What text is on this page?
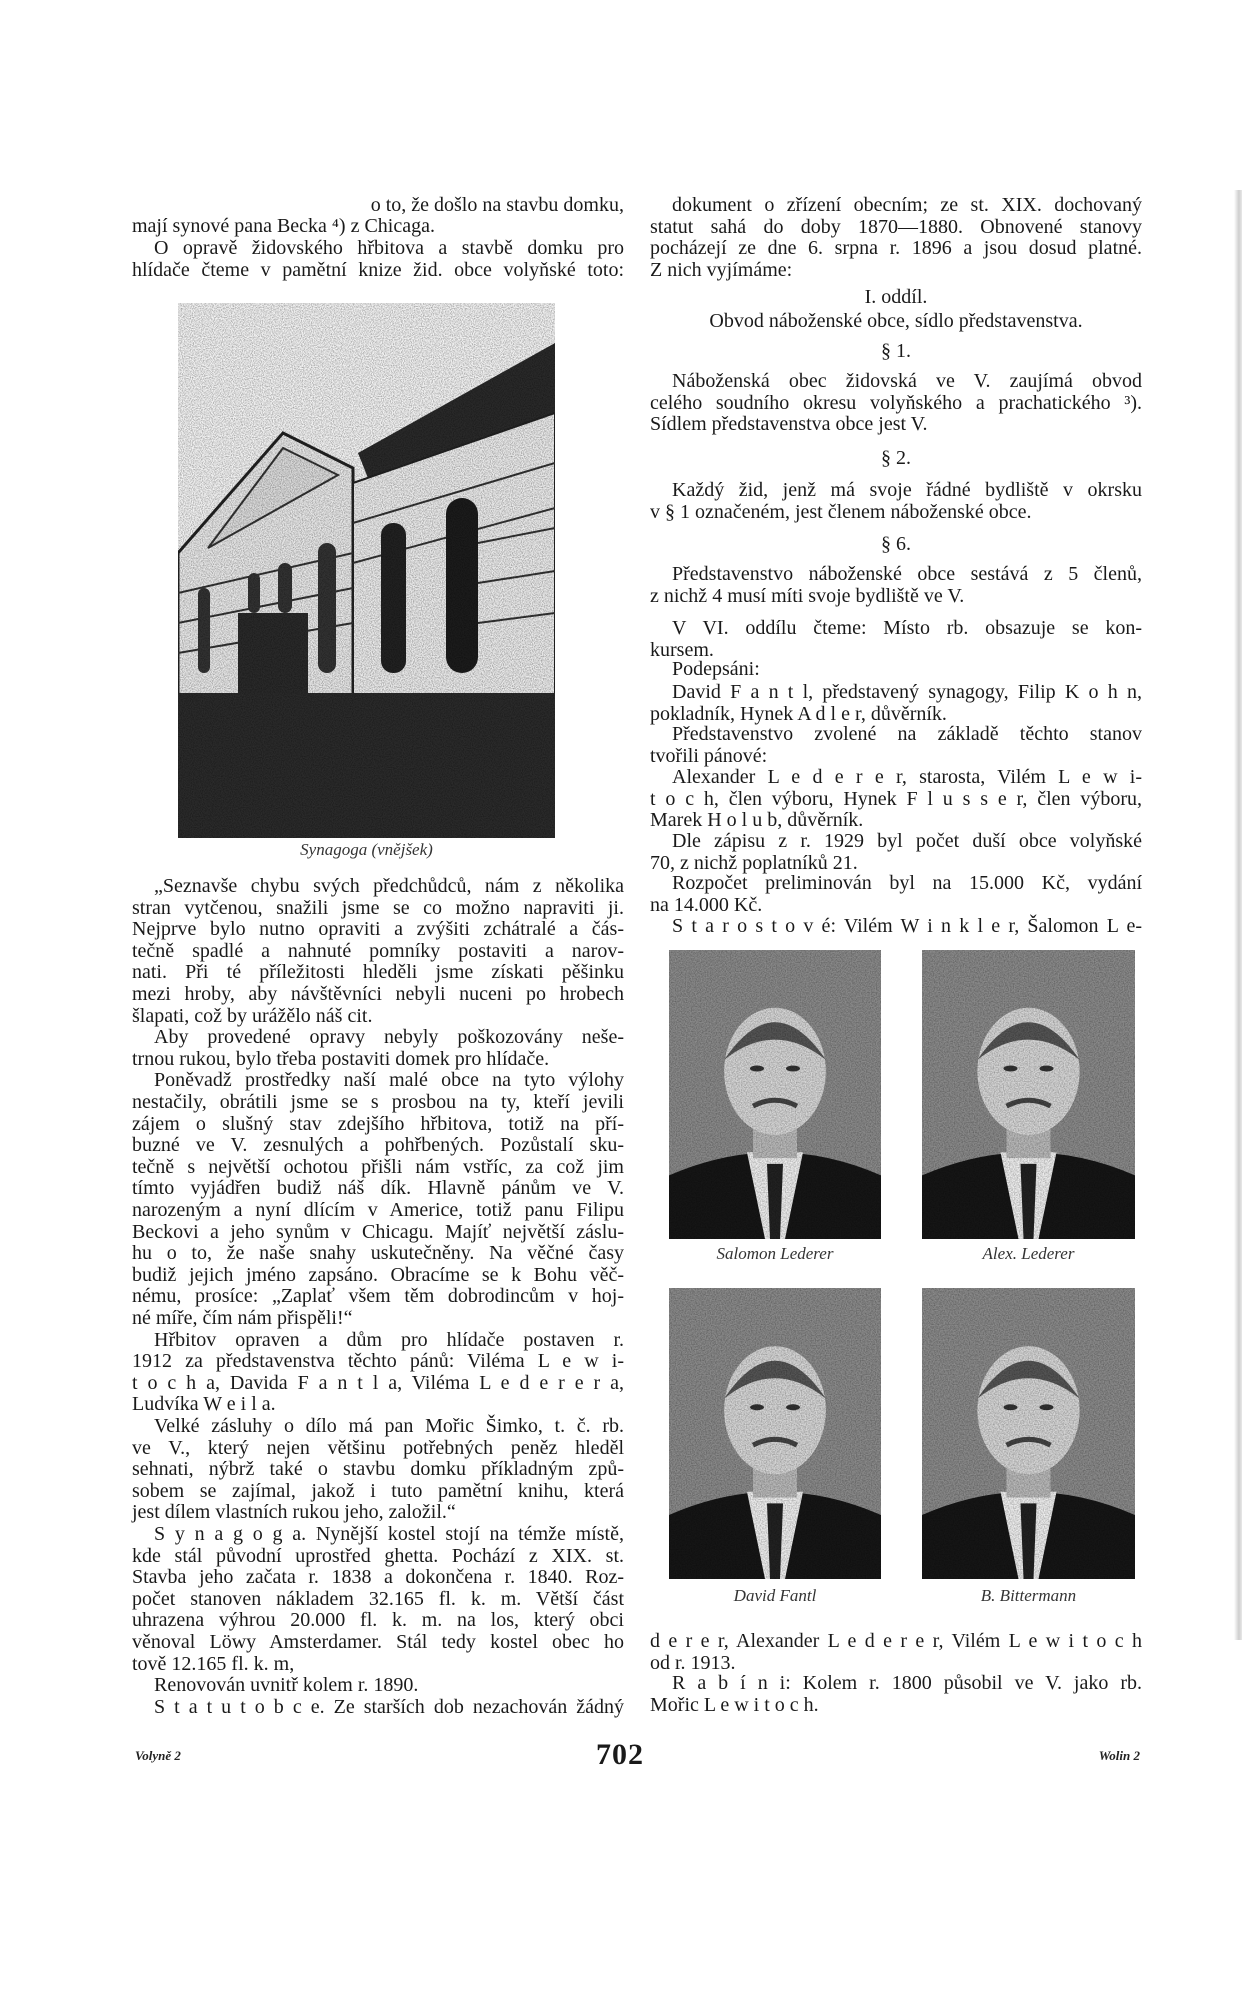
o to, že došlo na stavbu domku,
mají synové pana Becka ⁴) z Chicaga.
O opravě židovského hřbitova a stavbě domku pro
hlídače čteme v pamětní knize žid. obce volyňské toto:
„Seznavše chybu svých předchůdců, nám z několika
stran vytčenou, snažili jsme se co možno napraviti ji.
Nejprve bylo nutno opraviti a zvýšiti zchátralé a čás-
tečně spadlé a nahnuté pomníky postaviti a narov-
nati. Při té příležitosti hleděli jsme získati pěšinku
mezi hroby, aby návštěvníci nebyli nuceni po hrobech
šlapati, což by urážělo náš cit.
Aby provedené opravy nebyly poškozovány neše-
trnou rukou, bylo třeba postaviti domek pro hlídače.
Poněvadž prostředky naší malé obce na tyto výlohy
nestačily, obrátili jsme se s prosbou na ty, kteří jevili
zájem o slušný stav zdejšího hřbitova, totiž na pří-
buzné ve V. zesnulých a pohřbených. Pozůstalí sku-
tečně s největší ochotou přišli nám vstříc, za což jim
tímto vyjádřen budiž náš dík. Hlavně pánům ve V.
narozeným a nyní dlícím v Americe, totiž panu Filipu
Beckovi a jeho synům v Chicagu. Majíť největší záslu-
hu o to, že naše snahy uskutečněny. Na věčné časy
budiž jejich jméno zapsáno. Obracíme se k Bohu věč-
nému, prosíce: „Zaplať všem těm dobrodincům v hoj-
né míře, čím nám přispěli!“
Hřbitov opraven a dům pro hlídače postaven r.
1912 za představenstva těchto pánů: Viléma L e w i-
t o c h a, Davida F a n t l a, Viléma L e d e r e r a,
Ludvíka W e i l a.
Velké zásluhy o dílo má pan Mořic Šimko, t. č. rb.
ve V., který nejen většinu potřebných peněz hleděl
sehnati, nýbrž také o stavbu domku příkladným způ-
sobem se zajímal, jakož i tuto pamětní knihu, která
jest dílem vlastních rukou jeho, založil.“
S y n a g o g a. Nynější kostel stojí na témže místě,
kde stál původní uprostřed ghetta. Pochází z XIX. st.
Stavba jeho začata r. 1838 a dokončena r. 1840. Roz-
počet stanoven nákladem 32.165 fl. k. m. Větší část
uhrazena výhrou 20.000 fl. k. m. na los, který obci
věnoval Löwy Amsterdamer. Stál tedy kostel obec ho
tově 12.165 fl. k. m,
Renovován uvnitř kolem r. 1890.
S t a t u t o b c e. Ze starších dob nezachován žádný
dokument o zřízení obecním; ze st. XIX. dochovaný
statut sahá do doby 1870—1880. Obnovené stanovy
pocházejí ze dne 6. srpna r. 1896 a jsou dosud platné.
Z nich vyjímáme:
I. oddíl.
Obvod náboženské obce, sídlo představenstva.
§ 1.
Náboženská obec židovská ve V. zaujímá obvod
celého soudního okresu volyňského a prachatického ³).
Sídlem představenstva obce jest V.
§ 2.
Každý žid, jenž má svoje řádné bydliště v okrsku
v § 1 označeném, jest členem náboženské obce.
§ 6.
Představenstvo náboženské obce sestává z 5 členů,
z nichž 4 musí míti svoje bydliště ve V.
V VI. oddílu čteme: Místo rb. obsazuje se kon-
kursem.
Podepsáni:
David F a n t l, představený synagogy, Filip K o h n,
pokladník, Hynek A d l e r, důvěrník.
Představenstvo zvolené na základě těchto stanov
tvořili pánové:
Alexander L e d e r e r, starosta, Vilém L e w i-
t o c h, člen výboru, Hynek F l u s s e r, člen výboru,
Marek H o l u b, důvěrník.
Dle zápisu z r. 1929 byl počet duší obce volyňské
70, z nichž poplatníků 21.
Rozpočet preliminován byl na 15.000 Kč, vydání
na 14.000 Kč.
S t a r o s t o v é: Vilém W i n k l e r, Šalomon L e-
d e r e r, Alexander L e d e r e r, Vilém L e w i t o c h
od r. 1913.
R a b í n i: Kolem r. 1800 působil ve V. jako rb.
Mořic L e w i t o c h.
Synagoga (vnějšek)
Salomon Lederer	Alex. Lederer
David Fantl	B. Bittermann
Volyně 2	702	Wolin 2
